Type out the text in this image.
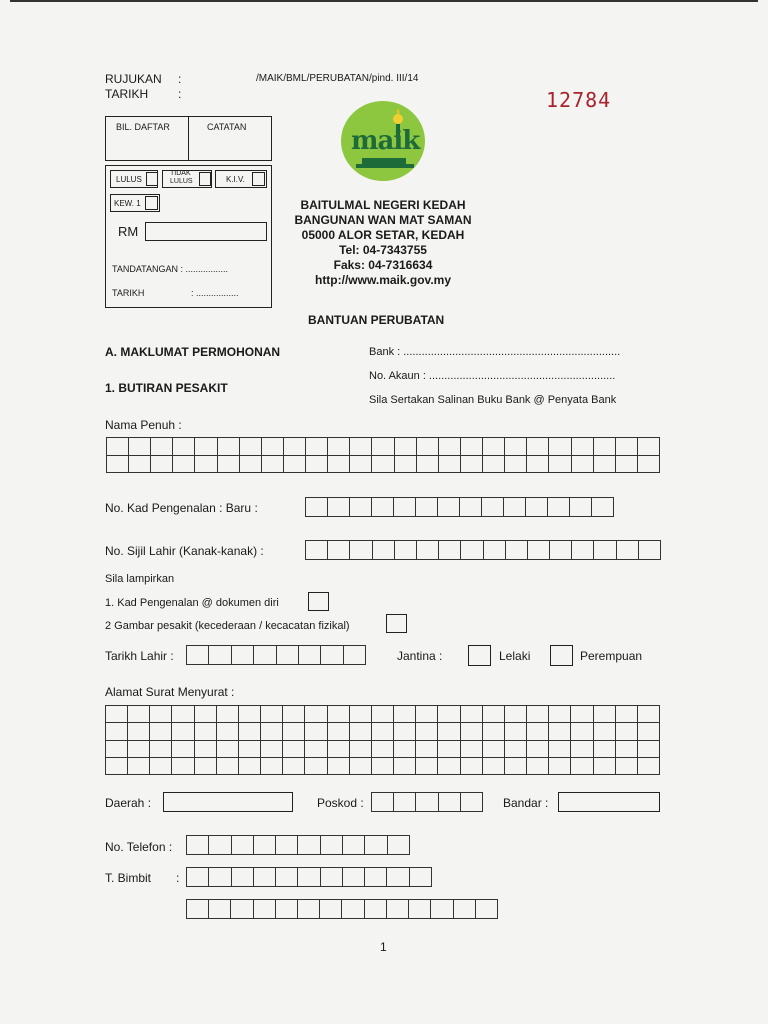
RUJUKAN :
TARIKH :
/MAIK/BML/PERUBATAN/pind. III/14
12784
BIL. DAFTAR	CATATAN
LULUS
TIDAK
LULUS	K.I.V.
KEW. 1
RM
TANDATANGAN : .................
TARIKH	: .................
maik
BAITULMAL NEGERI KEDAH
BANGUNAN WAN MAT SAMAN
05000 ALOR SETAR, KEDAH
Tel: 04-7343755
Faks: 04-7316634
http://www.maik.gov.my
BANTUAN PERUBATAN
A. MAKLUMAT PERMOHONAN
1. BUTIRAN PESAKIT
Bank : .......................................................................
No. Akaun : .............................................................
Sila Sertakan Salinan Buku Bank @ Penyata Bank
Nama Penuh :
No. Kad Pengenalan : Baru :
No. Sijil Lahir (Kanak-kanak) :
Sila lampirkan
1. Kad Pengenalan @ dokumen diri
2 Gambar pesakit (kecederaan / kecacatan fizikal)
Tarikh Lahir :	Jantina :	Lelaki	Perempuan
Alamat Surat Menyurat :
Daerah :	Poskod :	Bandar :
No. Telefon :
T. Bimbit :
1
